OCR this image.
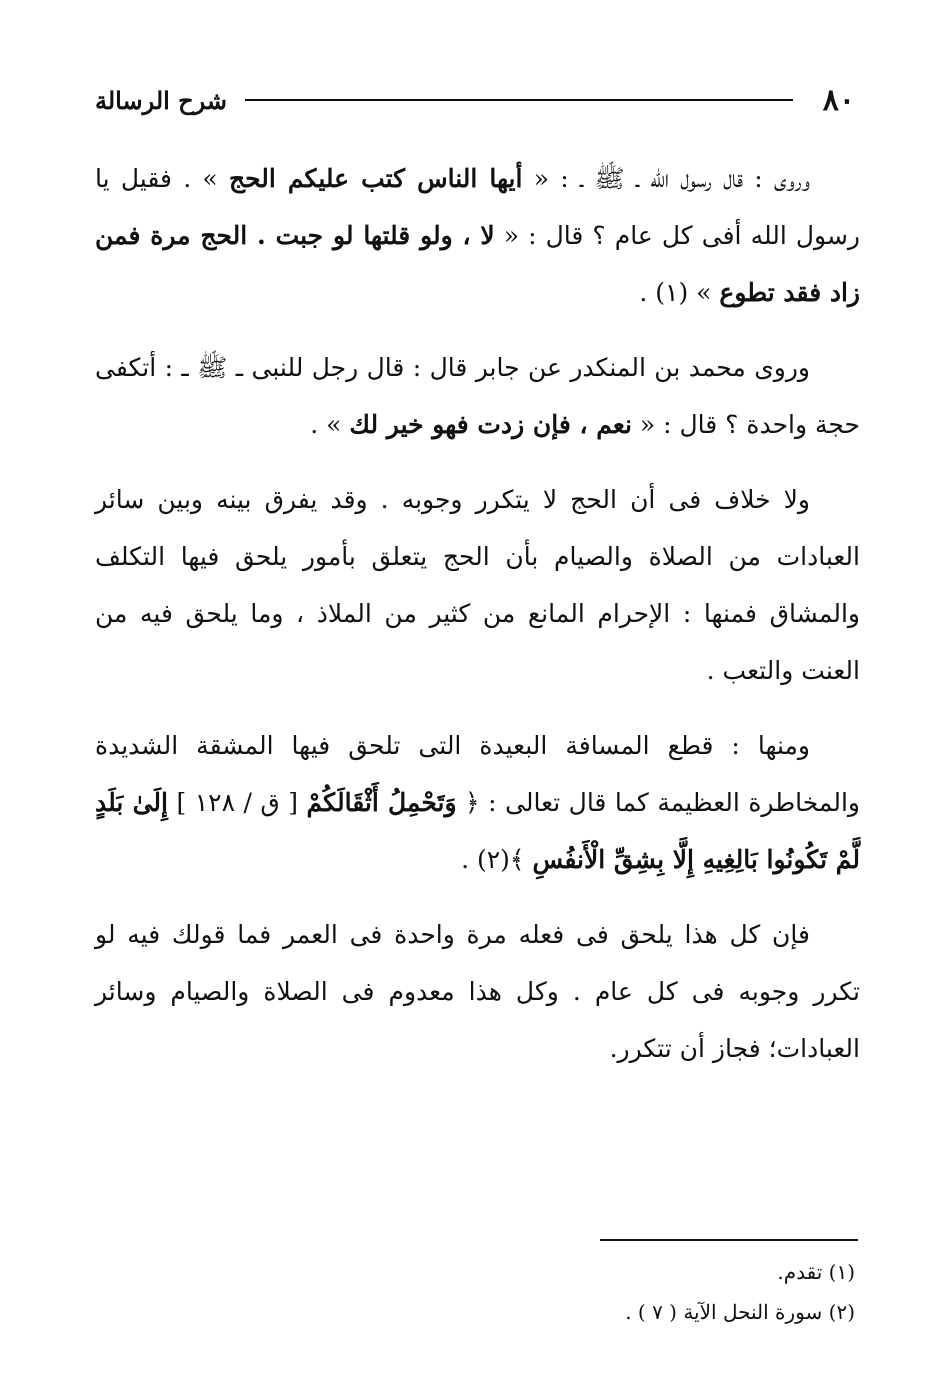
٨٠
شرح الرسالة

وروى : قال رسول الله ـ ﷺ ـ : « أيها الناس كتب عليكم الحج » . فقيل يا رسول الله أفى كل عام ؟ قال : « لا ، ولو قلتها لو جبت . الحج مرة فمن زاد فقد تطوع » (١) .

وروى محمد بن المنكدر عن جابر قال : قال رجل للنبى ـ ﷺ ـ : أتكفى حجة واحدة ؟ قال : « نعم ، فإن زدت فهو خير لك » .

ولا خلاف فى أن الحج لا يتكرر وجوبه . وقد يفرق بينه وبين سائر العبادات من الصلاة والصيام بأن الحج يتعلق بأمور يلحق فيها التكلف والمشاق فمنها : الإحرام المانع من كثير من الملاذ ، وما يلحق فيه من العنت والتعب .

ومنها : قطع المسافة البعيدة التى تلحق فيها المشقة الشديدة والمخاطرة العظيمة كما قال تعالى : ﴿ وَتَحْمِلُ أَثْقَالَكُمْ [ ق / ١٢٨ ] إِلَىٰ بَلَدٍ لَّمْ تَكُونُوا بَالِغِيهِ إِلَّا بِشِقِّ الْأَنفُسِ ﴾(٢) .

فإن كل هذا يلحق فى فعله مرة واحدة فى العمر فما قولك فيه لو تكرر وجوبه فى كل عام . وكل هذا معدوم فى الصلاة والصيام وسائر العبادات؛ فجاز أن تتكرر.

(١) تقدم.

(٢) سورة النحل الآية ( ٧ ) .
